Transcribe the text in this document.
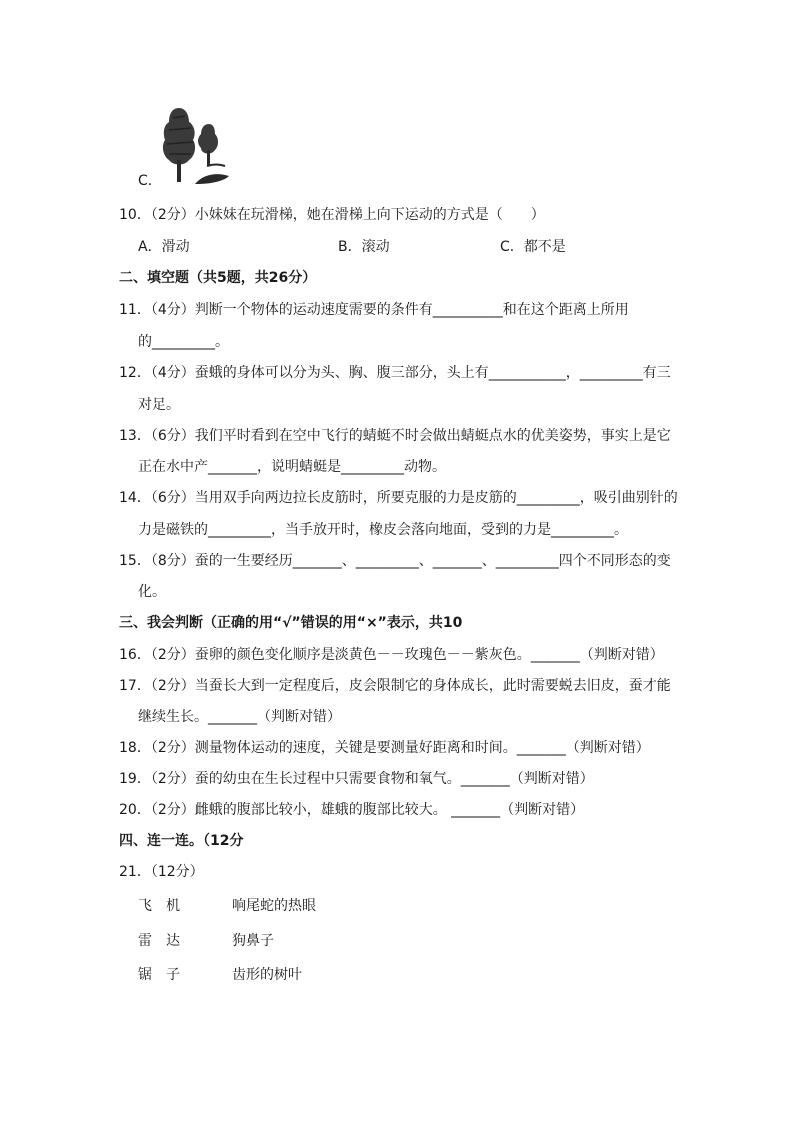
C．
10．（2分）小妹妹在玩滑梯，她在滑梯上向下运动的方式是（　　）
A．滑动	B．滚动	C．都不是
二、填空题（共5题，共26分）
11．（4分）判断一个物体的运动速度需要的条件有__________和在这个距离上所用
的_________。
12．（4分）蚕蛾的身体可以分为头、胸、腹三部分，头上有___________，_________有三
对足。
13．（6分）我们平时看到在空中飞行的蜻蜓不时会做出蜻蜓点水的优美姿势，事实上是它
正在水中产_______，说明蜻蜓是_________动物。
14．（6分）当用双手向两边拉长皮筋时，所要克服的力是皮筋的_________，吸引曲别针的
力是磁铁的_________，当手放开时，橡皮会落向地面，受到的力是_________。
15．（8分）蚕的一生要经历_______、_________、_______、_________四个不同形态的变
化。
三、我会判断（正确的用“√”错误的用“×”表示，共10
16．（2分）蚕卵的颜色变化顺序是淡黄色－－玫瑰色－－紫灰色。_______（判断对错）
17．（2分）当蚕长大到一定程度后，皮会限制它的身体成长，此时需要蜕去旧皮，蚕才能
继续生长。_______（判断对错）
18．（2分）测量物体运动的速度，关键是要测量好距离和时间。_______（判断对错）
19．（2分）蚕的幼虫在生长过程中只需要食物和氧气。_______（判断对错）
20．（2分）雌蛾的腹部比较小，雄蛾的腹部比较大。 _______（判断对错）
四、连一连。（12分
21．（12分）
飞　机	响尾蛇的热眼
雷　达	狗鼻子
锯　子	齿形的树叶
